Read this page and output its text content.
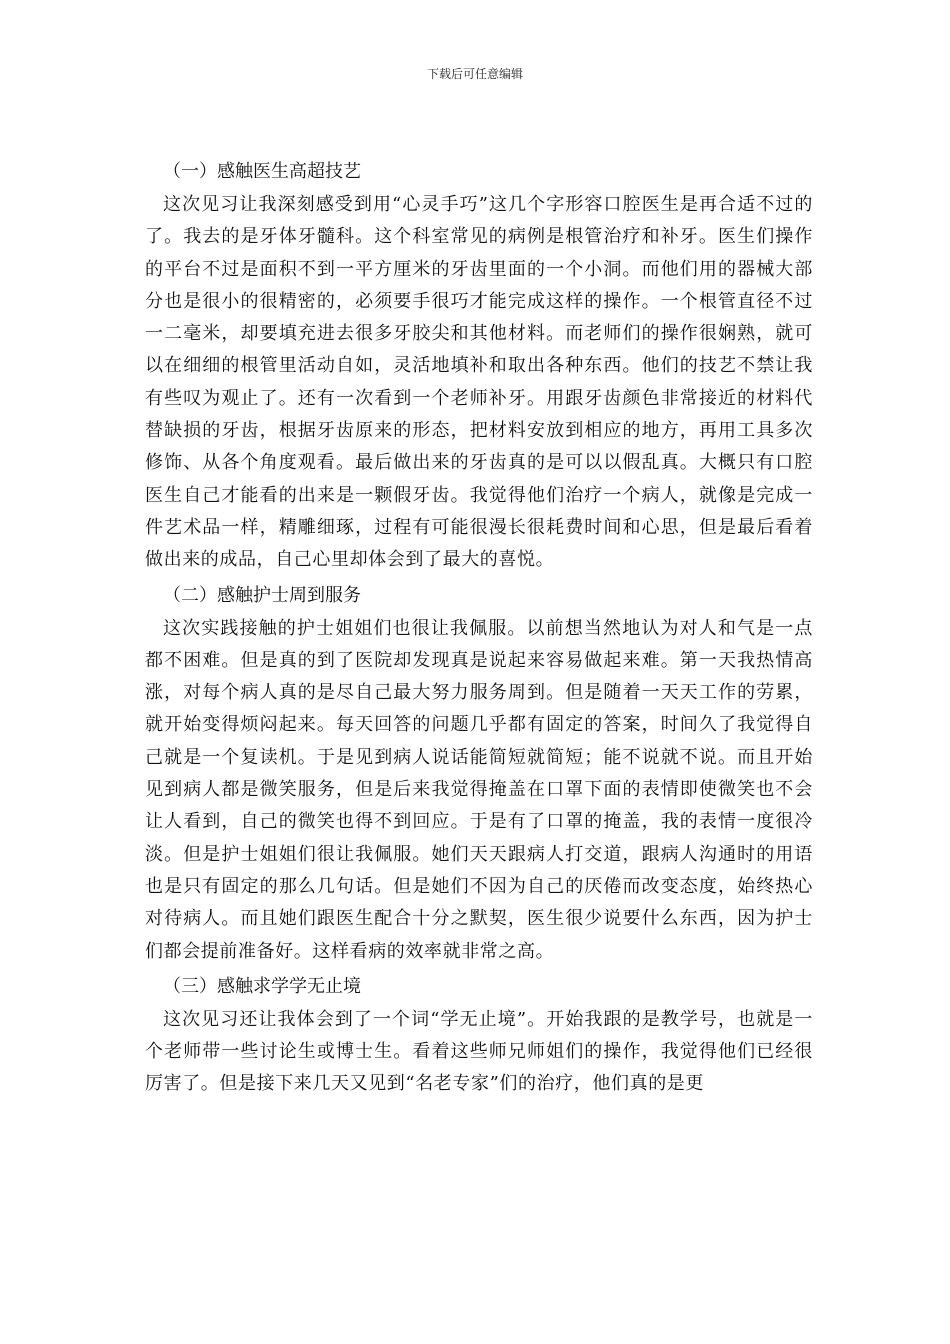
下载后可任意编辑
（一）感触医生高超技艺

这次见习让我深刻感受到用“心灵手巧”这几个字形容口腔医生是再合适不过的了。我去的是牙体牙髓科。这个科室常见的病例是根管治疗和补牙。医生们操作的平台不过是面积不到一平方厘米的牙齿里面的一个小洞。而他们用的器械大部分也是很小的很精密的，必须要手很巧才能完成这样的操作。一个根管直径不过一二毫米，却要填充进去很多牙胶尖和其他材料。而老师们的操作很娴熟，就可以在细细的根管里活动自如，灵活地填补和取出各种东西。他们的技艺不禁让我有些叹为观止了。还有一次看到一个老师补牙。用跟牙齿颜色非常接近的材料代替缺损的牙齿，根据牙齿原来的形态，把材料安放到相应的地方，再用工具多次修饰、从各个角度观看。最后做出来的牙齿真的是可以以假乱真。大概只有口腔医生自己才能看的出来是一颗假牙齿。我觉得他们治疗一个病人，就像是完成一件艺术品一样，精雕细琢，过程有可能很漫长很耗费时间和心思，但是最后看着做出来的成品，自己心里却体会到了最大的喜悦。

（二）感触护士周到服务

这次实践接触的护士姐姐们也很让我佩服。以前想当然地认为对人和气是一点都不困难。但是真的到了医院却发现真是说起来容易做起来难。第一天我热情高涨，对每个病人真的是尽自己最大努力服务周到。但是随着一天天工作的劳累，就开始变得烦闷起来。每天回答的问题几乎都有固定的答案，时间久了我觉得自己就是一个复读机。于是见到病人说话能简短就简短；能不说就不说。而且开始见到病人都是微笑服务，但是后来我觉得掩盖在口罩下面的表情即使微笑也不会让人看到，自己的微笑也得不到回应。于是有了口罩的掩盖，我的表情一度很冷淡。但是护士姐姐们很让我佩服。她们天天跟病人打交道，跟病人沟通时的用语也是只有固定的那么几句话。但是她们不因为自己的厌倦而改变态度，始终热心对待病人。而且她们跟医生配合十分之默契，医生很少说要什么东西，因为护士们都会提前准备好。这样看病的效率就非常之高。

（三）感触求学学无止境

这次见习还让我体会到了一个词“学无止境”。开始我跟的是教学号，也就是一个老师带一些讨论生或博士生。看着这些师兄师姐们的操作，我觉得他们已经很厉害了。但是接下来几天又见到“名老专家”们的治疗，他们真的是更
